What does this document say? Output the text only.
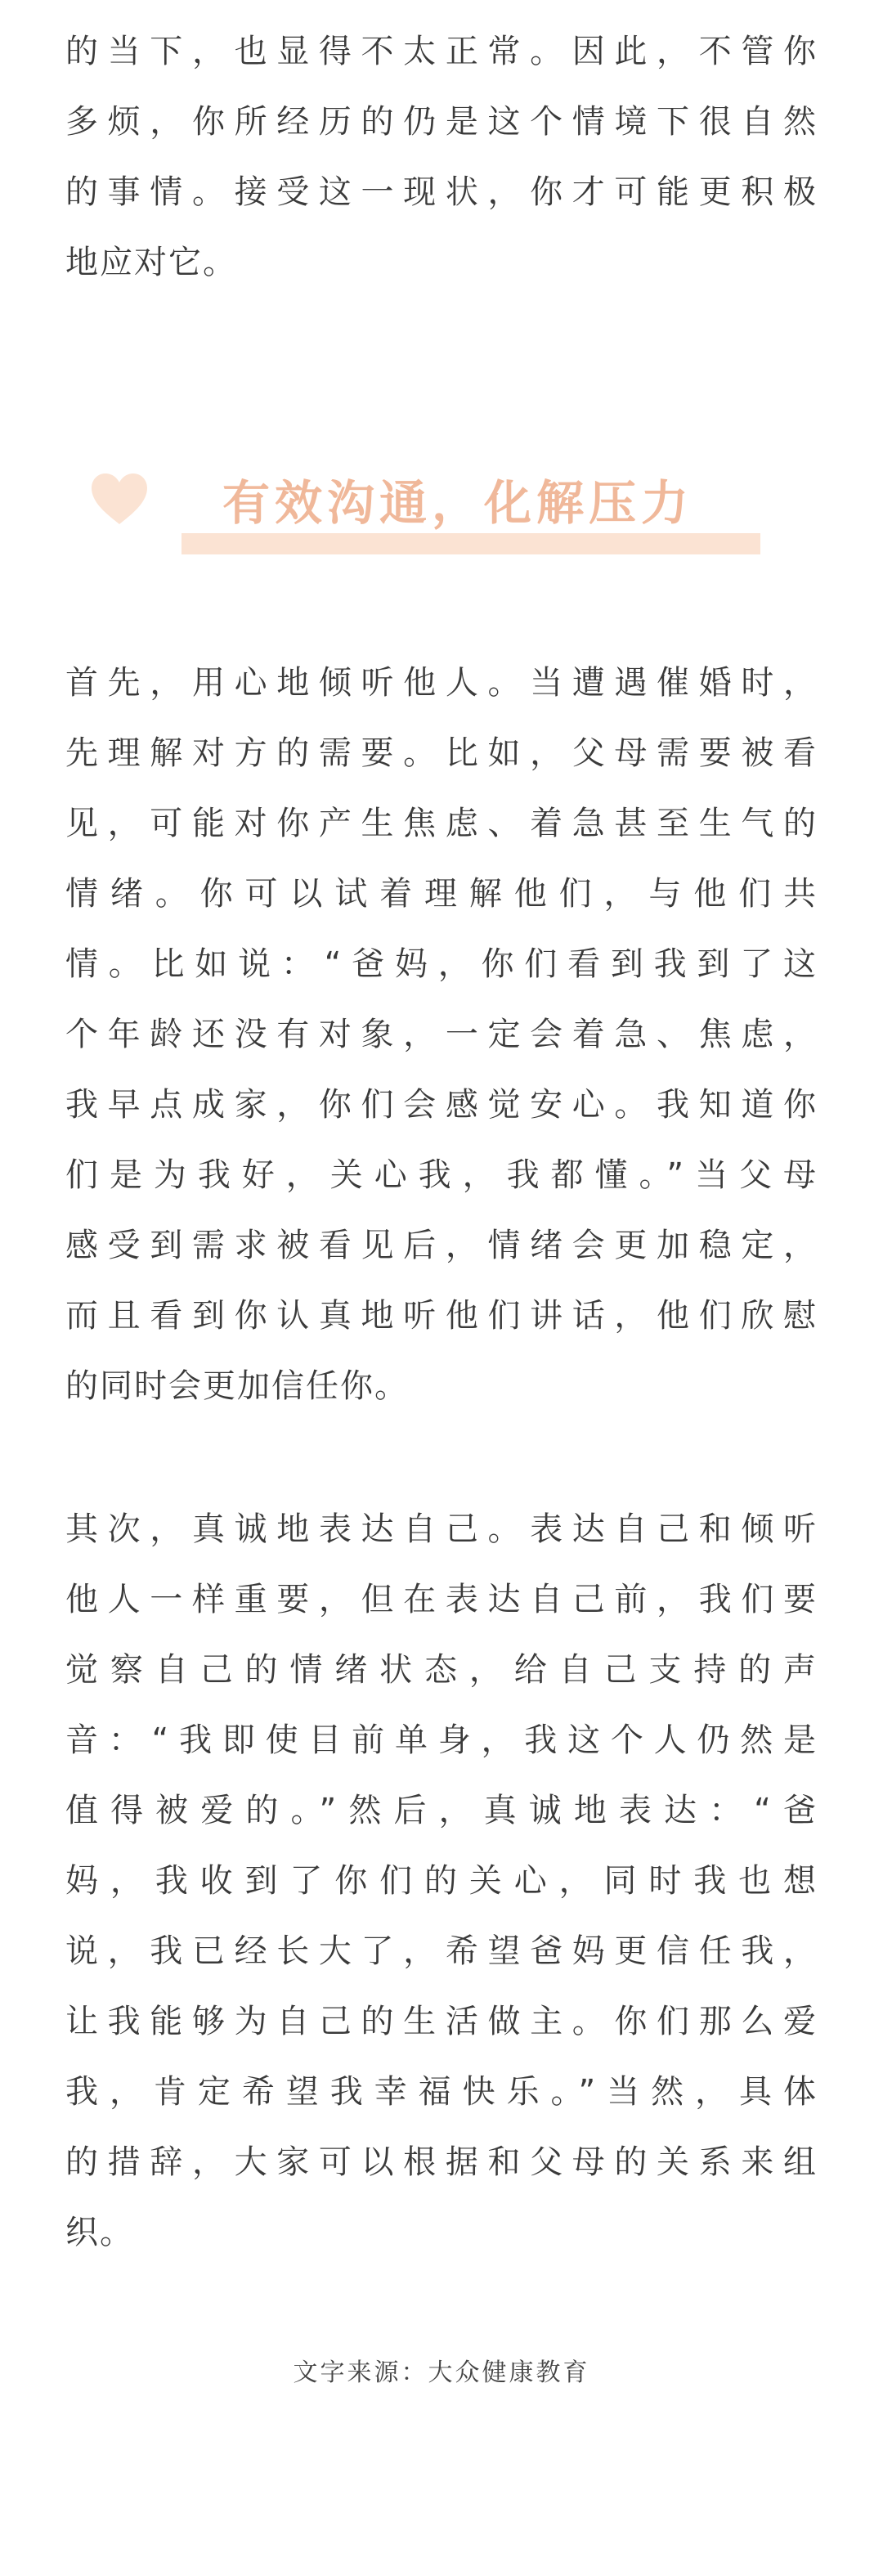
的当下，也显得不太正常。因此，不管你
多烦，你所经历的仍是这个情境下很自然
的事情。接受这一现状，你才可能更积极
地应对它。
有效沟通，化解压力
首先，用心地倾听他人。当遭遇催婚时，
先理解对方的需要。比如，父母需要被看
见，可能对你产生焦虑、着急甚至生气的
情绪。你可以试着理解他们，与他们共
情。比如说：“爸妈，你们看到我到了这
个年龄还没有对象，一定会着急、焦虑，
我早点成家，你们会感觉安心。我知道你
们是为我好，关心我，我都懂。”当父母
感受到需求被看见后，情绪会更加稳定，
而且看到你认真地听他们讲话，他们欣慰
的同时会更加信任你。
其次，真诚地表达自己。表达自己和倾听
他人一样重要，但在表达自己前，我们要
觉察自己的情绪状态，给自己支持的声
音：“我即使目前单身，我这个人仍然是
值得被爱的。”然后，真诚地表达：“爸
妈，我收到了你们的关心，同时我也想
说，我已经长大了，希望爸妈更信任我，
让我能够为自己的生活做主。你们那么爱
我，肯定希望我幸福快乐。”当然，具体
的措辞，大家可以根据和父母的关系来组
织。
文字来源：大众健康教育
